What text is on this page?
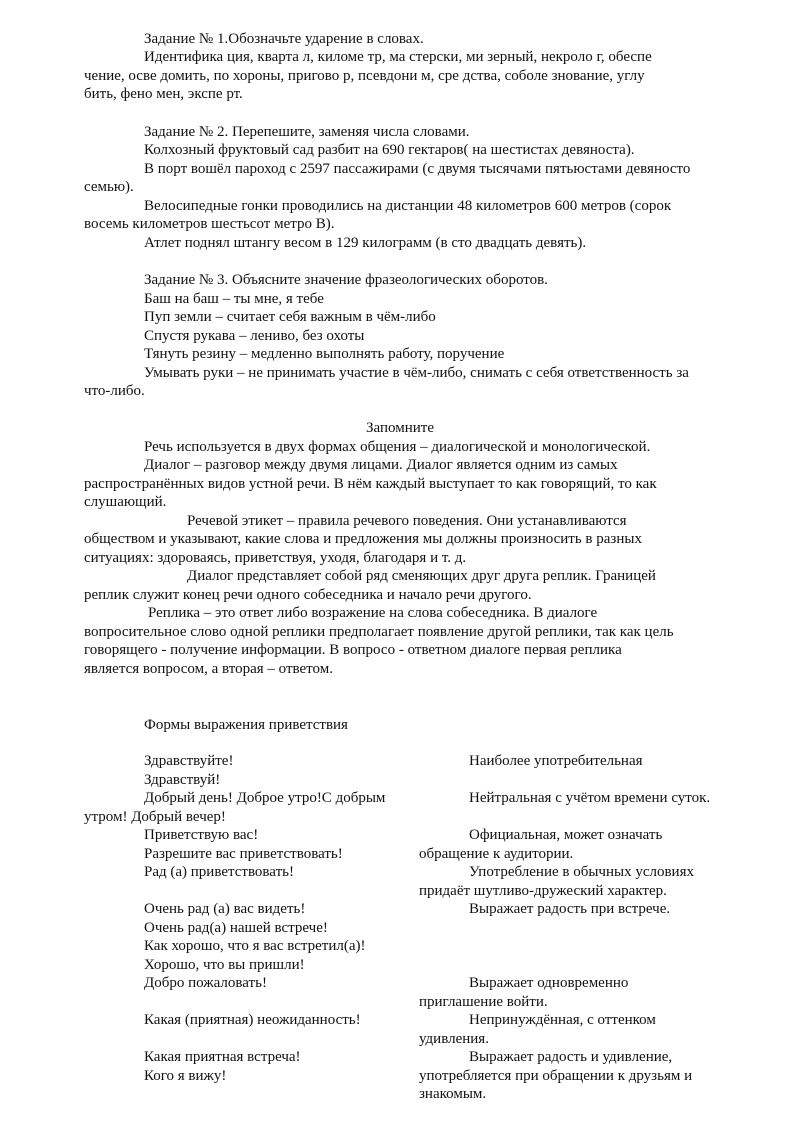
Задание № 1.Обозначьте ударение в словах.
Идентифика ция, кварта л, киломе тр, ма стерски, ми зерный, некроло г, обеспе
чение, осве домить, по хороны, пригово р, псевдони м, сре дства, соболе знование, углу
бить, фено мен, экспе рт.
Задание № 2. Перепешите, заменяя числа словами.
Колхозный фруктовый сад разбит на 690 гектаров( на шестистах девяноста).
В порт вошёл пароход с 2597 пассажирами (с двумя тысячами пятьюстами девяносто
семью).
Велосипедные гонки проводились на дистанции 48 километров 600 метров (сорок
восемь километров шестьсот метро В).
Атлет поднял штангу весом в 129 килограмм (в сто двадцать девять).
Задание № 3. Объясните значение фразеологических оборотов.
Баш на баш – ты мне, я тебе
Пуп земли – считает себя важным в чём-либо
Спустя рукава – лениво, без охоты
Тянуть резину – медленно выполнять работу, поручение
Умывать руки – не принимать участие в чём-либо, снимать с себя ответственность за
что-либо.
Запомните
Речь используется в двух формах общения – диалогической и монологической.
Диалог – разговор между двумя лицами. Диалог является одним из самых
распространённых видов устной речи. В нём каждый выступает то как говорящий, то как
слушающий.
Речевой этикет – правила речевого поведения. Они устанавливаются
обществом и указывают, какие слова и предложения мы должны произносить в разных
ситуациях: здороваясь, приветствуя, уходя, благодаря и т. д.
Диалог представляет собой ряд сменяющих друг друга реплик. Границей
реплик служит конец речи одного собеседника и начало речи другого.
Реплика – это ответ либо возражение на слова собеседника. В диалоге
вопросительное слово одной реплики предполагает появление другой реплики, так как цель
говорящего - получение информации. В вопросо - ответном диалоге первая реплика
является вопросом, а вторая – ответом.
Формы выражения приветствия
Здравствуйте!
Здравствуй!
Добрый день! Доброе утро!С добрым
утром! Добрый вечер!
Приветствую вас!
Разрешите вас приветствовать!
Рад (а) приветствовать!
Очень рад (а) вас видеть!
Очень рад(а) нашей встрече!
Как хорошо, что я вас встретил(а)!
Хорошо, что вы пришли!
Добро пожаловать!
Какая (приятная) неожиданность!
Какая приятная встреча!
Кого я вижу!
Наиболее употребительная
Нейтральная с учётом времени суток.
Официальная, может означать
обращение к аудитории.
Употребление в обычных условиях
придаёт шутливо-дружеский характер.
Выражает радость при встрече.
Выражает одновременно
приглашение войти.
Непринуждённая, с оттенком
удивления.
Выражает радость и удивление,
употребляется при обращении к друзьям и
знакомым.
